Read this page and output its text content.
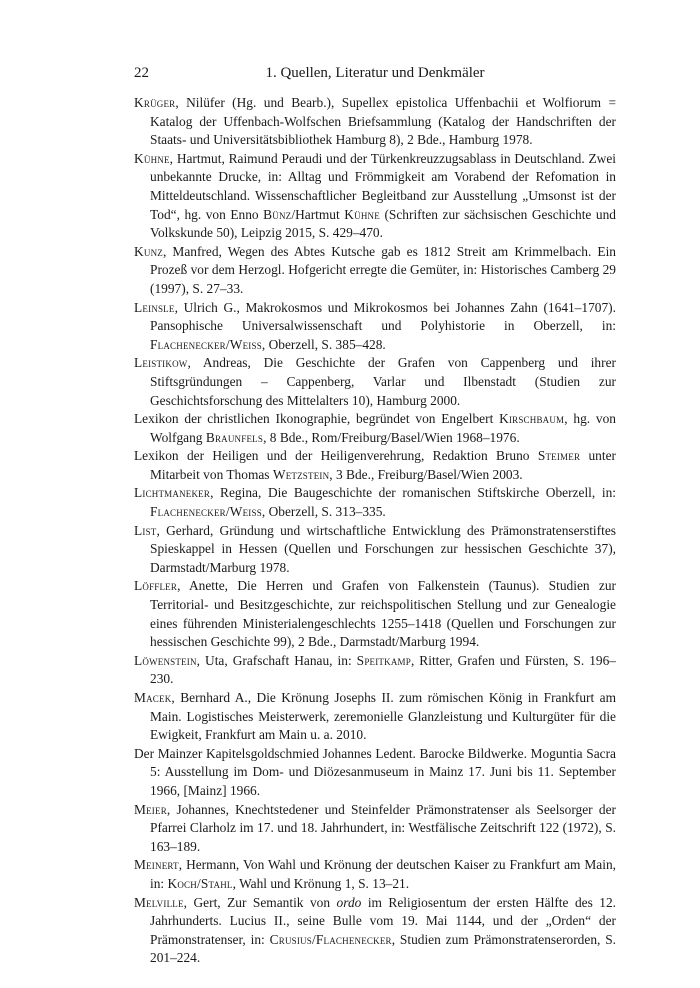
22	1. Quellen, Literatur und Denkmäler

Krüger, Nilüfer (Hg. und Bearb.), Supellex epistolica Uffenbachii et Wolfiorum = Katalog der Uffenbach-Wolfschen Briefsammlung (Katalog der Handschriften der Staats- und Universitätsbibliothek Hamburg 8), 2 Bde., Hamburg 1978.

Kühne, Hartmut, Raimund Peraudi und der Türkenkreuzzugsablass in Deutschland. Zwei unbekannte Drucke, in: Alltag und Frömmigkeit am Vorabend der Refomation in Mitteldeutschland. Wissenschaftlicher Begleitband zur Ausstellung „Umsonst ist der Tod“, hg. von Enno Bünz/Hartmut Kühne (Schriften zur sächsischen Geschichte und Volkskunde 50), Leipzig 2015, S. 429–470.

Kunz, Manfred, Wegen des Abtes Kutsche gab es 1812 Streit am Krimmelbach. Ein Prozeß vor dem Herzogl. Hofgericht erregte die Gemüter, in: Historisches Camberg 29 (1997), S. 27–33.

Leinsle, Ulrich G., Makrokosmos und Mikrokosmos bei Johannes Zahn (1641–1707). Pansophische Universalwissenschaft und Polyhistorie in Oberzell, in: Flachenecker/Weiss, Oberzell, S. 385–428.

Leistikow, Andreas, Die Geschichte der Grafen von Cappenberg und ihrer Stiftsgründungen – Cappenberg, Varlar und Ilbenstadt (Studien zur Geschichtsforschung des Mittelalters 10), Hamburg 2000.

Lexikon der christlichen Ikonographie, begründet von Engelbert Kirschbaum, hg. von Wolfgang Braunfels, 8 Bde., Rom/Freiburg/Basel/Wien 1968–1976.

Lexikon der Heiligen und der Heiligenverehrung, Redaktion Bruno Steimer unter Mitarbeit von Thomas Wetzstein, 3 Bde., Freiburg/Basel/Wien 2003.

Lichtmaneker, Regina, Die Baugeschichte der romanischen Stiftskirche Oberzell, in: Flachenecker/Weiss, Oberzell, S. 313–335.

List, Gerhard, Gründung und wirtschaftliche Entwicklung des Prämonstratenserstiftes Spieskappel in Hessen (Quellen und Forschungen zur hessischen Geschichte 37), Darmstadt/Marburg 1978.

Löffler, Anette, Die Herren und Grafen von Falkenstein (Taunus). Studien zur Territorial- und Besitzgeschichte, zur reichspolitischen Stellung und zur Genealogie eines führenden Ministerialengeschlechts 1255–1418 (Quellen und Forschungen zur hessischen Geschichte 99), 2 Bde., Darmstadt/Marburg 1994.

Löwenstein, Uta, Grafschaft Hanau, in: Speitkamp, Ritter, Grafen und Fürsten, S. 196–230.

Macek, Bernhard A., Die Krönung Josephs II. zum römischen König in Frankfurt am Main. Logistisches Meisterwerk, zeremonielle Glanzleistung und Kulturgüter für die Ewigkeit, Frankfurt am Main u. a. 2010.

Der Mainzer Kapitelsgoldschmied Johannes Ledent. Barocke Bildwerke. Moguntia Sacra 5: Ausstellung im Dom- und Diözesanmuseum in Mainz 17. Juni bis 11. September 1966, [Mainz] 1966.

Meier, Johannes, Knechtstedener und Steinfelder Prämonstratenser als Seelsorger der Pfarrei Clarholz im 17. und 18. Jahrhundert, in: Westfälische Zeitschrift 122 (1972), S. 163–189.

Meinert, Hermann, Von Wahl und Krönung der deutschen Kaiser zu Frankfurt am Main, in: Koch/Stahl, Wahl und Krönung 1, S. 13–21.

Melville, Gert, Zur Semantik von ordo im Religiosentum der ersten Hälfte des 12. Jahrhunderts. Lucius II., seine Bulle vom 19. Mai 1144, und der „Orden“ der Prämonstratenser, in: Crusius/Flachenecker, Studien zum Prämonstratenserorden, S. 201–224.
